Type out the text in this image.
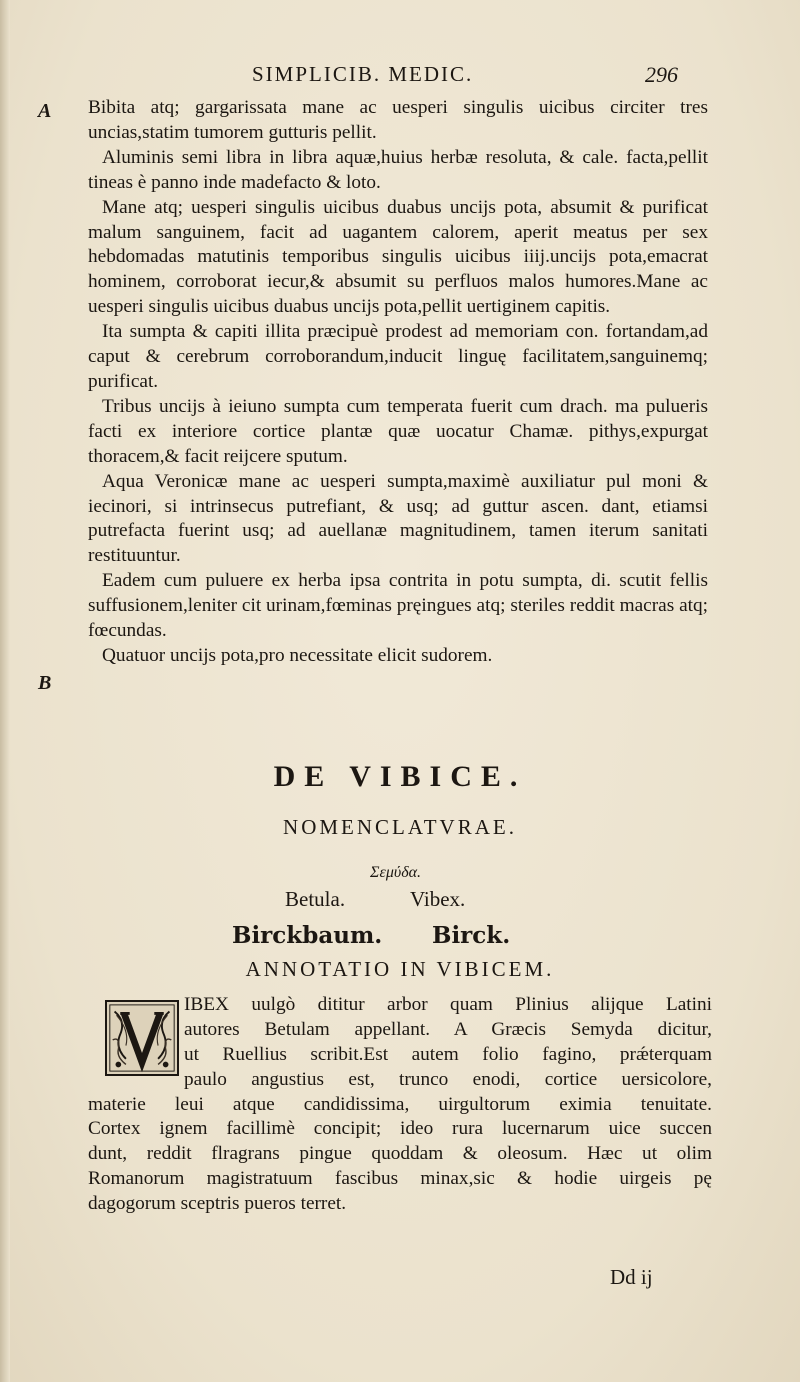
SIMPLICIB. MEDIC.	296
A
B
Bibita atq; gargarissata mane ac uesperi singulis uicibus circiter tres uncias,statim tumorem gutturis pellit.
Aluminis semi libra in libra aquæ,huius herbæ resoluta, & cale. facta,pellit tineas è panno inde madefacto & loto.
Mane atq; uesperi singulis uicibus duabus uncijs pota, absumit & purificat malum sanguinem, facit ad uagantem calorem, aperit meatus per sex hebdomadas matutinis temporibus singulis uicibus iiij.uncijs pota,emacrat hominem, corroborat iecur,& absumit su perfluos malos humores.Mane ac uesperi singulis uicibus duabus uncijs pota,pellit uertiginem capitis.
Ita sumpta & capiti illita præcipuè prodest ad memoriam con. fortandam,ad caput & cerebrum corroborandum,inducit linguę facilitatem,sanguinemq; purificat.
Tribus uncijs à ieiuno sumpta cum temperata fuerit cum drach. ma pulueris facti ex interiore cortice plantæ quæ uocatur Chamæ. pithys,expurgat thoracem,& facit reijcere sputum.
Aqua Veronicæ mane ac uesperi sumpta,maximè auxiliatur pul moni & iecinori, si intrinsecus putrefiant, & usq; ad guttur ascen. dant, etiamsi putrefacta fuerint usq; ad auellanæ magnitudinem, tamen iterum sanitati restituuntur.
Eadem cum puluere ex herba ipsa contrita in potu sumpta, di. scutit fellis suffusionem,leniter cit urinam,fœminas pręingues atq; steriles reddit macras atq; fœcundas.
Quatuor uncijs pota,pro necessitate elicit sudorem.
DE VIBICE.
NOMENCLATVRAE.
Σεμύδα.
Betula.	Vibex.
Birckbaum. Birck.
ANNOTATIO IN VIBICEM.
IBEX uulgò dititur arbor quam Plinius alijque Latini
autores Betulam appellant. A Græcis Semyda dicitur,
ut Ruellius scribit.Est autem folio fagino, prǽterquam
paulo angustius est, trunco enodi, cortice uersicolore,
materie leui atque candidissima, uirgultorum eximia tenuitate.
Cortex ignem facillimè concipit; ideo rura lucernarum uice succen
dunt, reddit flragrans pingue quoddam & oleosum. Hæc ut olim
Romanorum magistratuum fascibus minax,sic & hodie uirgeis pę
dagogorum sceptris pueros terret.
Dd ij
